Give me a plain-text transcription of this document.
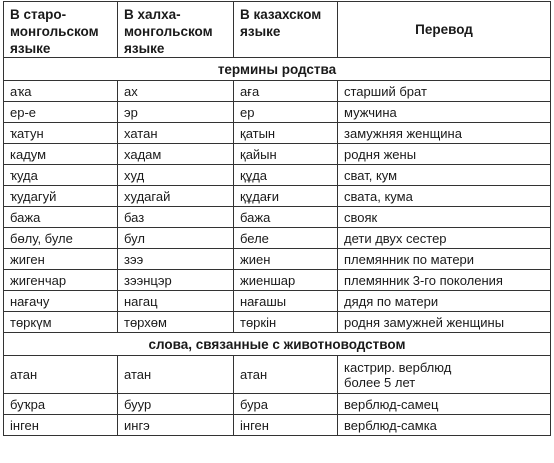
В старо-
монгольском
языке	В халха-
монгольском
языке	В казахском
языке	Перевод
термины родства			
аҡа	ах	аға	старший брат
ер-е	эр	ер	мужчина
ҡатун	хатан	қатын	замужняя женщина
кадум	хадам	қайын	родня жены
ҡуда	худ	құда	сват, кум
ҡудагуй	худагай	құдағи	свата, кума
бажа	баз	бажа	свояк
бөлу, буле	бул	беле	дети двух сестер
жиген	зээ	жиен	племянник по матери
жигенчар	зээнцэр	жиеншар	племянник 3-го поколения
нағачу	нагац	нағашы	дядя по матери
төркүм	төрхөм	төркін	родня замужней женщины
слова, связанные с животноводством			
атан	атан	атан	кастрир. верблюд
более 5 лет
буҡра	буур	бура	верблюд-самец
інген	ингэ	інген	верблюд-самка
